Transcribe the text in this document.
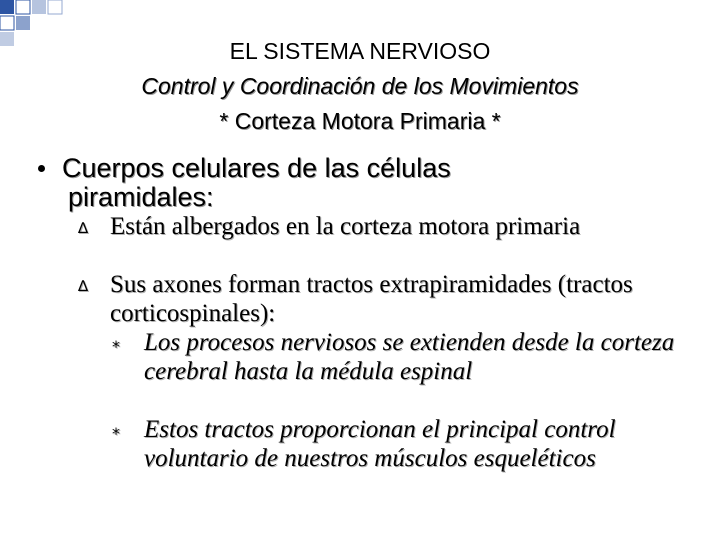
EL SISTEMA NERVIOSO
Control y Coordinación de los Movimientos
* Corteza Motora Primaria *
Cuerpos celulares de las células
piramidales:
∆ Están albergados en la corteza motora primaria
∆ Sus axones forman tractos extrapiramidades (tractos corticospinales):
* Los procesos nerviosos se extienden desde la corteza cerebral hasta la médula espinal
* Estos tractos proporcionan el principal control voluntario de nuestros músculos esqueléticos
